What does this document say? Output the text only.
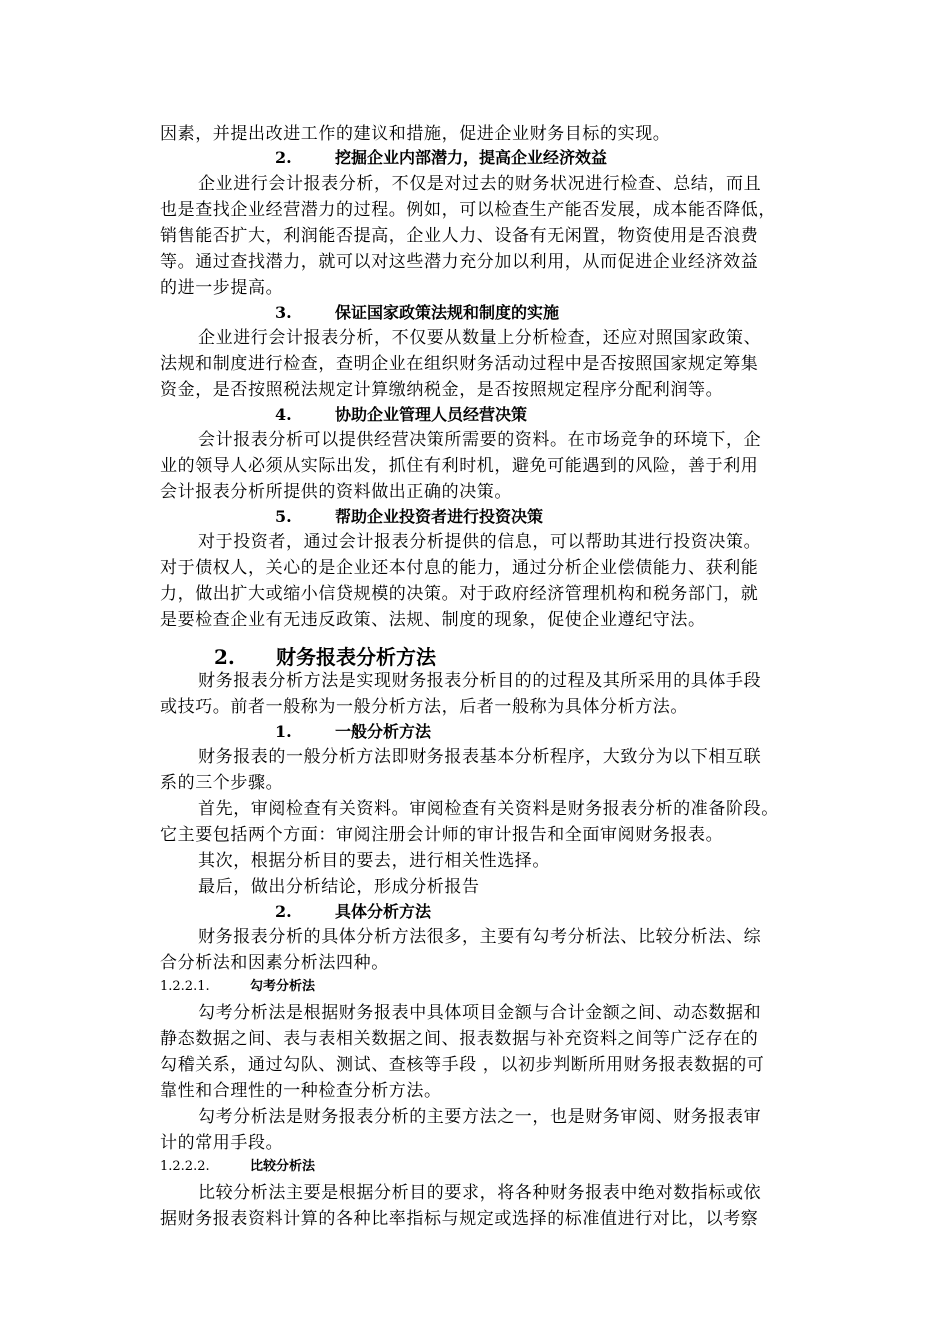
因素，并提出改进工作的建议和措施，促进企业财务目标的实现。
2.	挖掘企业内部潜力，提高企业经济效益
企业进行会计报表分析，不仅是对过去的财务状况进行检查、总结，而且
也是查找企业经营潜力的过程。例如，可以检查生产能否发展，成本能否降低，
销售能否扩大，利润能否提高，企业人力、设备有无闲置，物资使用是否浪费
等。通过查找潜力，就可以对这些潜力充分加以利用，从而促进企业经济效益
的进一步提高。
3.	保证国家政策法规和制度的实施
企业进行会计报表分析，不仅要从数量上分析检查，还应对照国家政策、
法规和制度进行检查，查明企业在组织财务活动过程中是否按照国家规定筹集
资金，是否按照税法规定计算缴纳税金，是否按照规定程序分配利润等。
4.	协助企业管理人员经营决策
会计报表分析可以提供经营决策所需要的资料。在市场竞争的环境下，企
业的领导人必须从实际出发，抓住有利时机，避免可能遇到的风险，善于利用
会计报表分析所提供的资料做出正确的决策。
5.	帮助企业投资者进行投资决策
对于投资者，通过会计报表分析提供的信息，可以帮助其进行投资决策。
对于债权人，关心的是企业还本付息的能力，通过分析企业偿债能力、获利能
力，做出扩大或缩小信贷规模的决策。对于政府经济管理机构和税务部门，就
是要检查企业有无违反政策、法规、制度的现象，促使企业遵纪守法。
2. 财务报表分析方法
财务报表分析方法是实现财务报表分析目的的过程及其所采用的具体手段
或技巧。前者一般称为一般分析方法，后者一般称为具体分析方法。
1.	一般分析方法
财务报表的一般分析方法即财务报表基本分析程序，大致分为以下相互联
系的三个步骤。
首先，审阅检查有关资料。审阅检查有关资料是财务报表分析的准备阶段。
它主要包括两个方面：审阅注册会计师的审计报告和全面审阅财务报表。
其次，根据分析目的要去，进行相关性选择。
最后，做出分析结论，形成分析报告
2.	具体分析方法
财务报表分析的具体分析方法很多，主要有勾考分析法、比较分析法、综
合分析法和因素分析法四种。
1.2.2.1.	勾考分析法
勾考分析法是根据财务报表中具体项目金额与合计金额之间、动态数据和
静态数据之间、表与表相关数据之间、报表数据与补充资料之间等广泛存在的
勾稽关系，通过勾队、测试、查核等手段 ，以初步判断所用财务报表数据的可
靠性和合理性的一种检查分析方法。
勾考分析法是财务报表分析的主要方法之一，也是财务审阅、财务报表审
计的常用手段。
1.2.2.2.	比较分析法
比较分析法主要是根据分析目的要求，将各种财务报表中绝对数指标或依
据财务报表资料计算的各种比率指标与规定或选择的标准值进行对比，以考察
